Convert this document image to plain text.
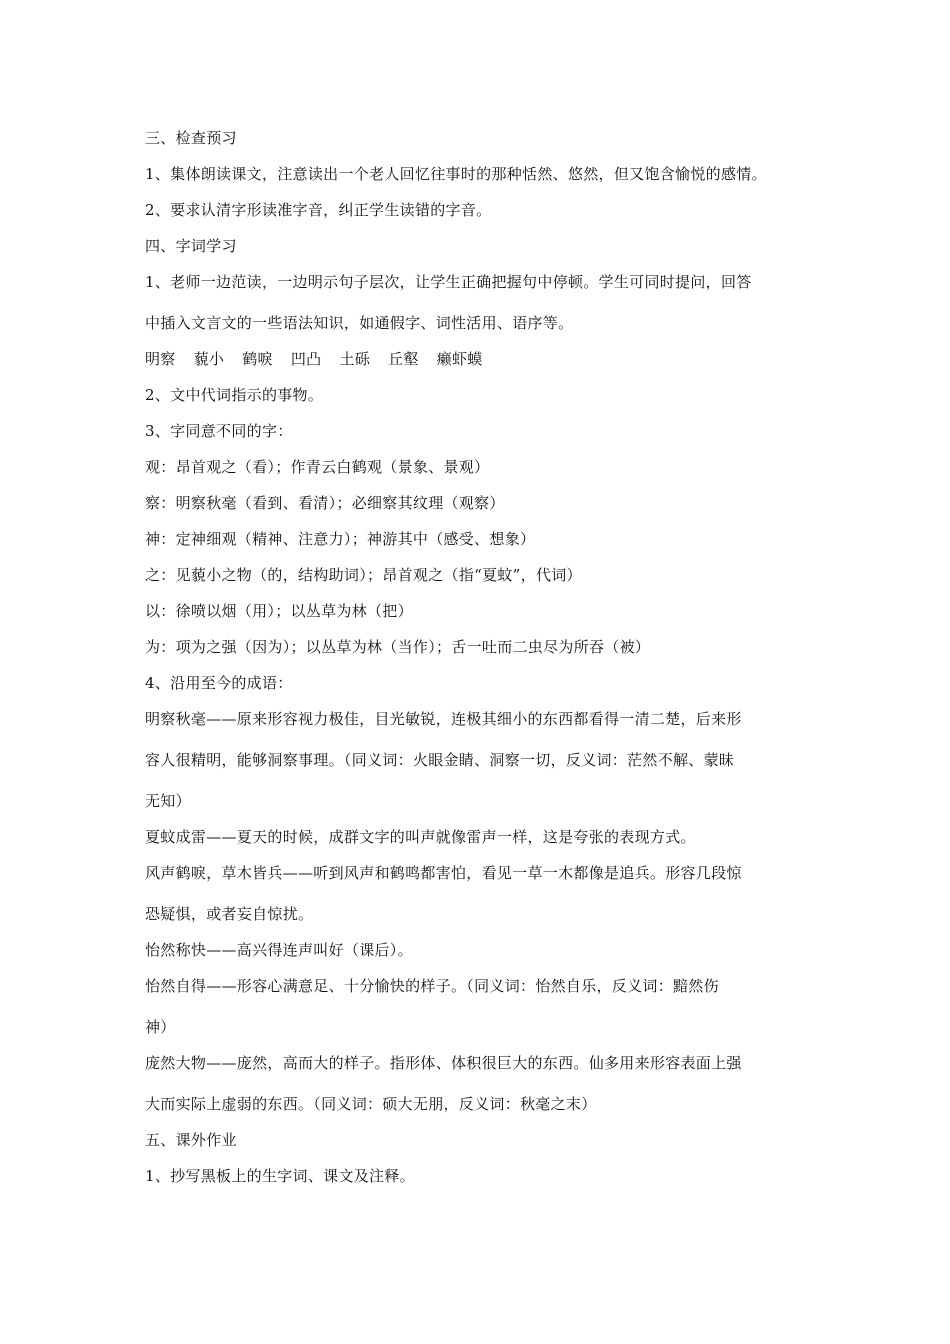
三、检查预习
1、集体朗读课文，注意读出一个老人回忆往事时的那种恬然、悠然，但又饱含愉悦的感情。
2、要求认清字形读准字音，纠正学生读错的字音。
四、字词学习
1、老师一边范读，一边明示句子层次，让学生正确把握句中停顿。学生可同时提问，回答
中插入文言文的一些语法知识，如通假字、词性活用、语序等。
明察 藐小 鹤唳 凹凸 土砾 丘壑 癞虾蟆
2、文中代词指示的事物。
3、字同意不同的字：
观：昂首观之（看）；作青云白鹤观（景象、景观）
察：明察秋毫（看到、看清）；必细察其纹理（观察）
神：定神细观（精神、注意力）；神游其中（感受、想象）
之：见藐小之物（的，结构助词）；昂首观之（指“夏蚊”，代词）
以：徐喷以烟（用）；以丛草为林（把）
为：项为之强（因为）；以丛草为林（当作）；舌一吐而二虫尽为所吞（被）
4、沿用至今的成语：
明察秋毫——原来形容视力极佳，目光敏锐，连极其细小的东西都看得一清二楚，后来形
容人很精明，能够洞察事理。（同义词：火眼金睛、洞察一切，反义词：茫然不解、蒙昧
无知）
夏蚊成雷——夏天的时候，成群文字的叫声就像雷声一样，这是夸张的表现方式。
风声鹤唳，草木皆兵——听到风声和鹤鸣都害怕，看见一草一木都像是追兵。形容几段惊
恐疑惧，或者妄自惊扰。
怡然称快——高兴得连声叫好（课后）。
怡然自得——形容心满意足、十分愉快的样子。（同义词：怡然自乐，反义词：黯然伤
神）
庞然大物——庞然，高而大的样子。指形体、体积很巨大的东西。仙多用来形容表面上强
大而实际上虚弱的东西。（同义词：硕大无朋，反义词：秋毫之末）
五、课外作业
1、抄写黑板上的生字词、课文及注释。
